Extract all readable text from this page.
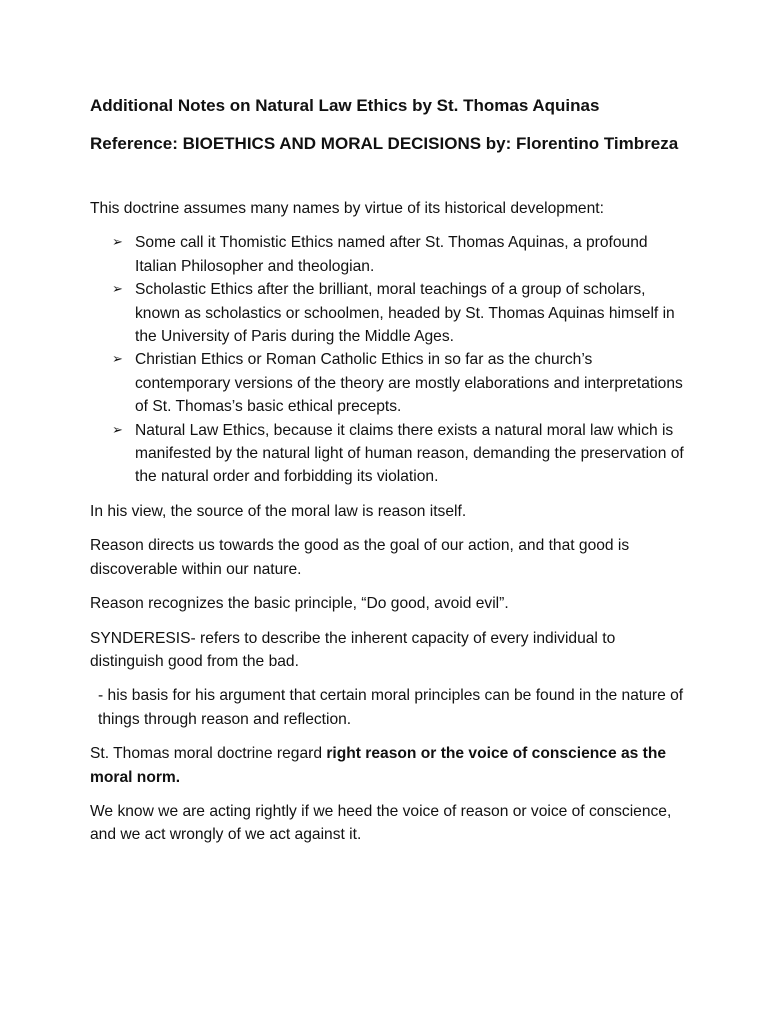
Additional Notes on Natural Law Ethics by St. Thomas Aquinas
Reference: BIOETHICS AND MORAL DECISIONS by: Florentino Timbreza

This doctrine assumes many names by virtue of its historical development:

➢ Some call it Thomistic Ethics named after St. Thomas Aquinas, a profound Italian Philosopher and theologian.
➢ Scholastic Ethics after the brilliant, moral teachings of a group of scholars, known as scholastics or schoolmen, headed by St. Thomas Aquinas himself in the University of Paris during the Middle Ages.
➢ Christian Ethics or Roman Catholic Ethics in so far as the church’s contemporary versions of the theory are mostly elaborations and interpretations of St. Thomas’s basic ethical precepts.
➢ Natural Law Ethics, because it claims there exists a natural moral law which is manifested by the natural light of human reason, demanding the preservation of the natural order and forbidding its violation.

In his view, the source of the moral law is reason itself.

Reason directs us towards the good as the goal of our action, and that good is discoverable within our nature.

Reason recognizes the basic principle, “Do good, avoid evil”.

SYNDERESIS- refers to describe the inherent capacity of every individual to distinguish good from the bad.

- his basis for his argument that certain moral principles can be found in the nature of things through reason and reflection.

St. Thomas moral doctrine regard right reason or the voice of conscience as the moral norm.

We know we are acting rightly if we heed the voice of reason or voice of conscience, and we act wrongly of we act against it.
